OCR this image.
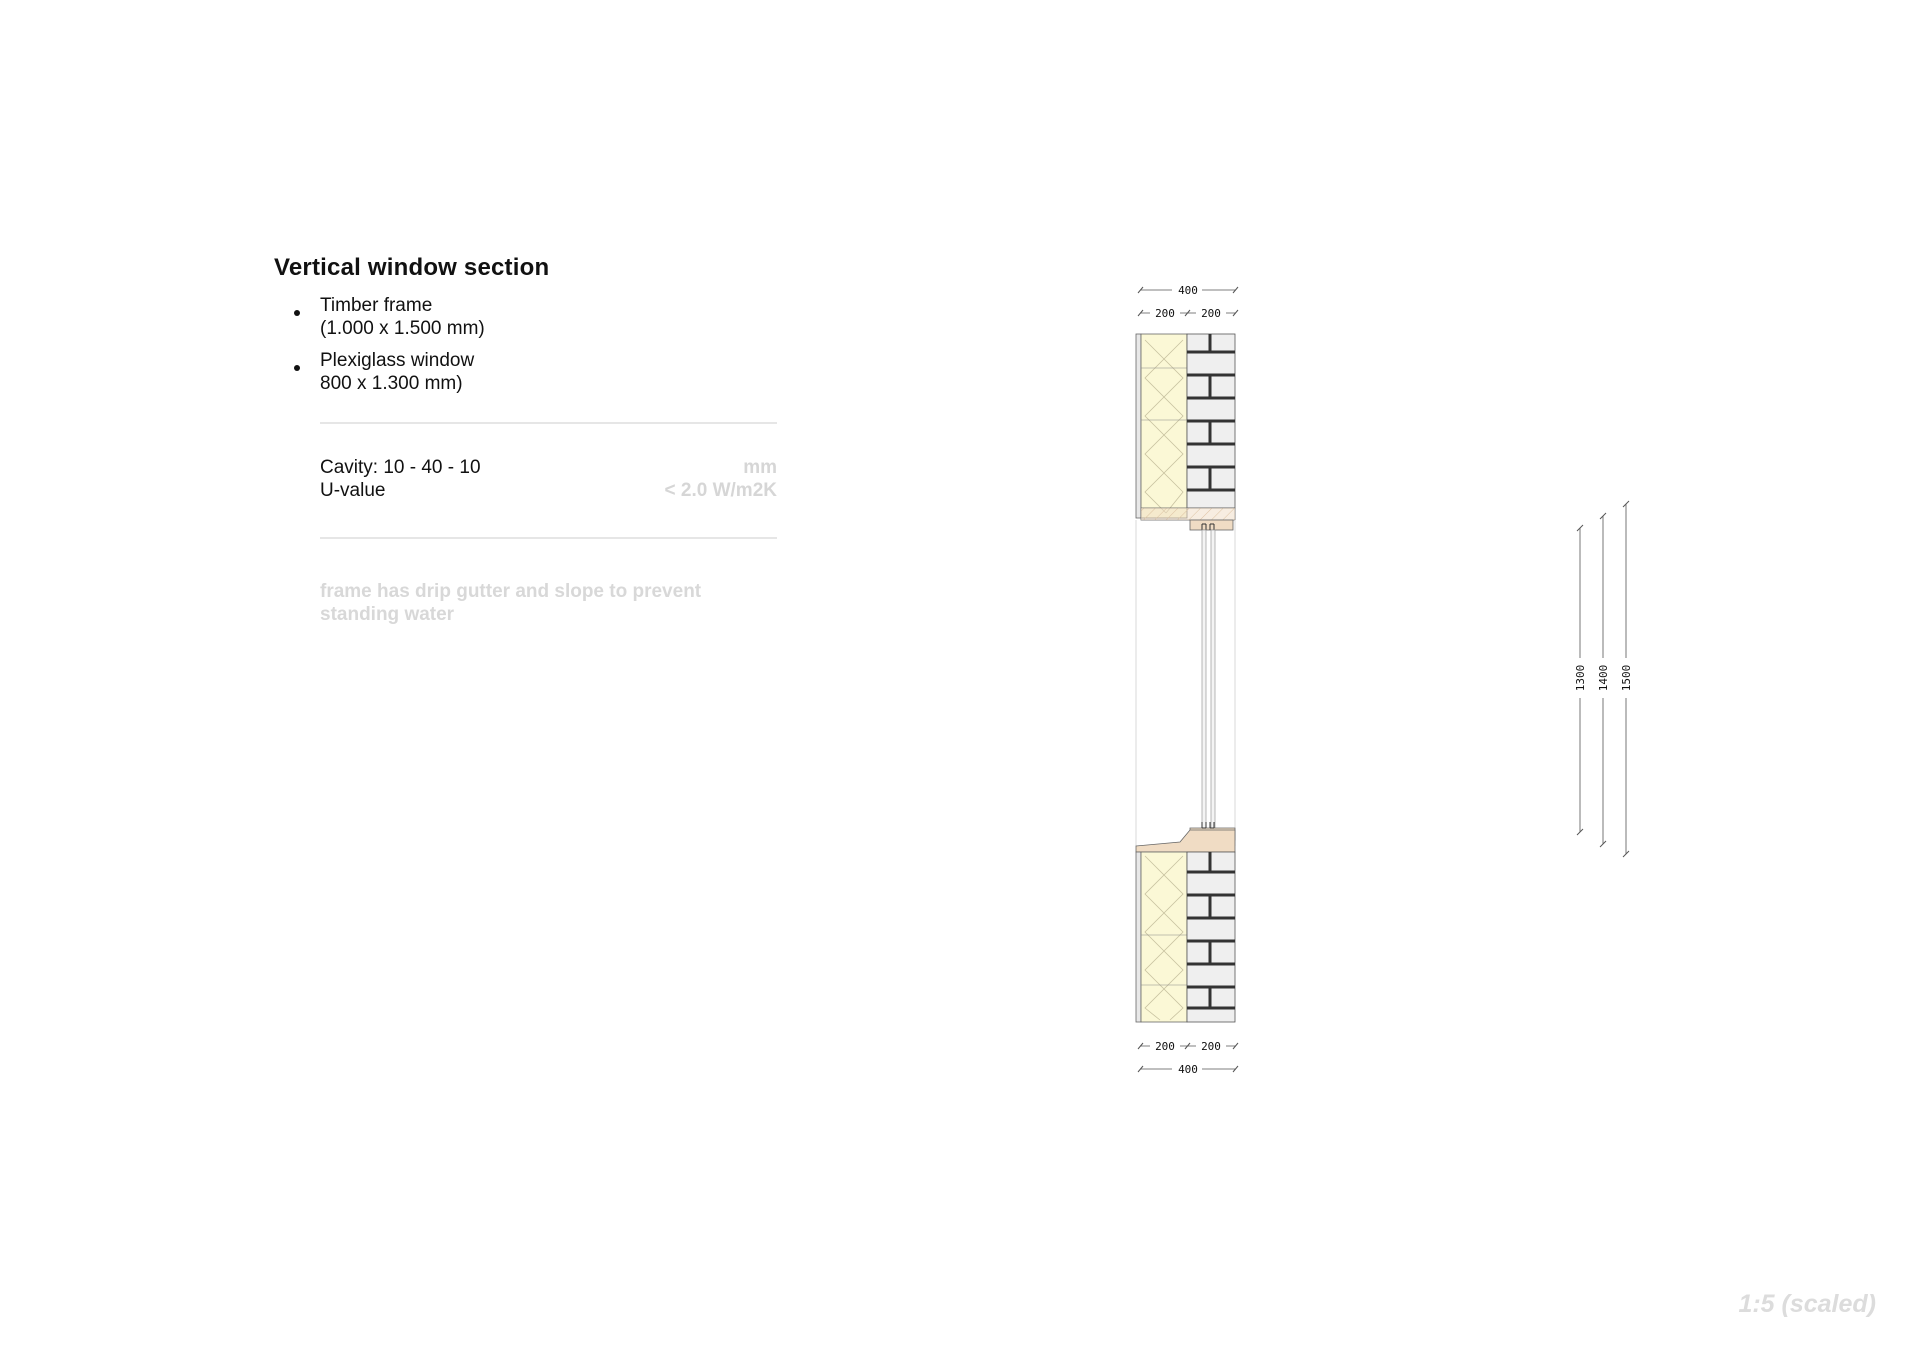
Vertical window section
Timber frame
(1.000 x 1.500 mm)
Plexiglass window
800 x 1.300 mm)
Cavity: 10 - 40 - 10	mm
U-value	< 2.0 W/m2K
frame has drip gutter and slope to prevent standing water
400
200 200
200 200
400
1300 1400 1500
1:5 (scaled)
